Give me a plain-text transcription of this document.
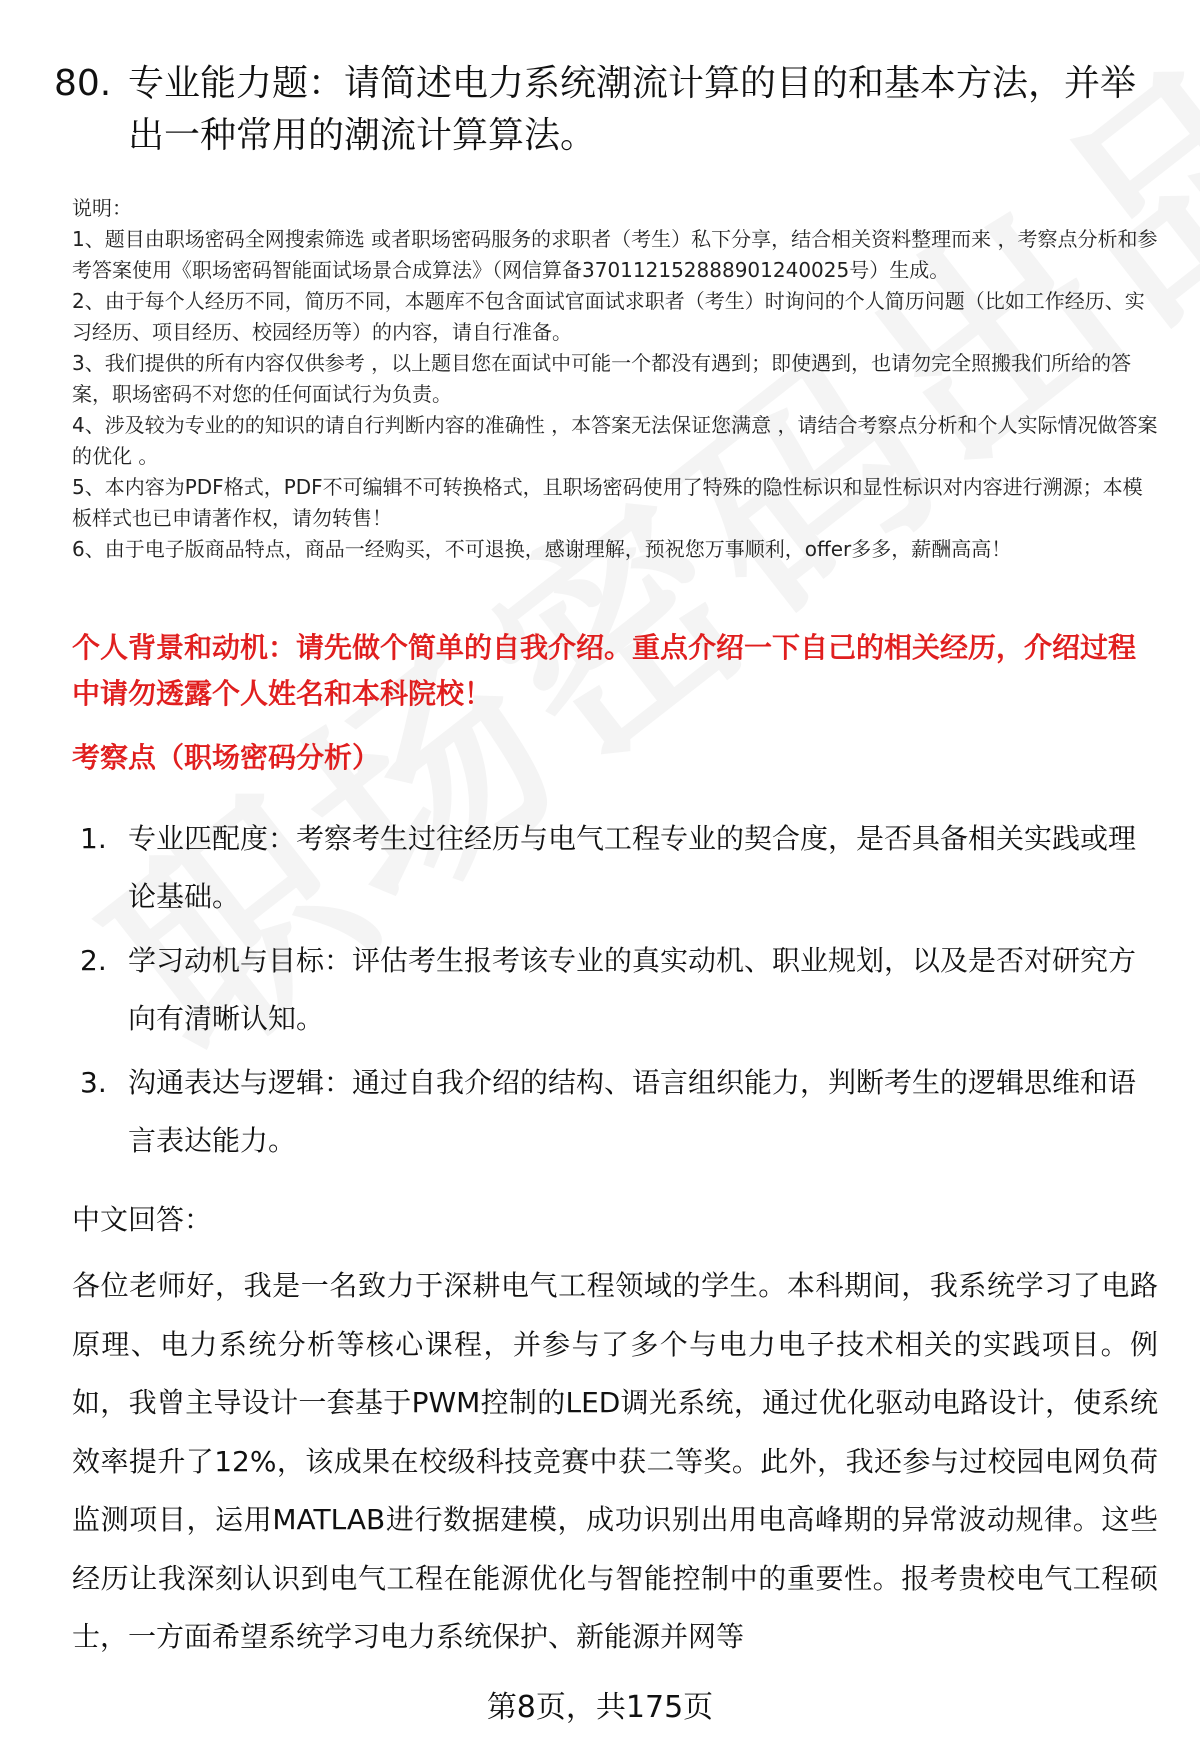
80. 专业能力题：请简述电力系统潮流计算的目的和基本方法，并举出一种常用的潮流计算算法。

说明：

1、题目由职场密码全网搜索筛选 或者职场密码服务的求职者（考生）私下分享，结合相关资料整理而来 ，考察点分析和参考答案使用《职场密码智能面试场景合成算法》（网信算备370112152888901240025号）生成。

2、由于每个人经历不同，简历不同，本题库不包含面试官面试求职者（考生）时询问的个人简历问题（比如工作经历、实习经历、项目经历、校园经历等）的内容，请自行准备。

3、我们提供的所有内容仅供参考 ，以上题目您在面试中可能一个都没有遇到；即使遇到，也请勿完全照搬我们所给的答案，职场密码不对您的任何面试行为负责。

4、涉及较为专业的的知识的请自行判断内容的准确性 ，本答案无法保证您满意 ，请结合考察点分析和个人实际情况做答案的优化 。

5、本内容为PDF格式，PDF不可编辑不可转换格式，且职场密码使用了特殊的隐性标识和显性标识对内容进行溯源；本模板样式也已申请著作权，请勿转售！

6、由于电子版商品特点，商品一经购买，不可退换，感谢理解，预祝您万事顺利，offer多多，薪酬高高！

个人背景和动机：请先做个简单的自我介绍。重点介绍一下自己的相关经历，介绍过程中请勿透露个人姓名和本科院校！
考察点（职场密码分析）
1. 专业匹配度：考察考生过往经历与电气工程专业的契合度，是否具备相关实践或理论基础。
2. 学习动机与目标：评估考生报考该专业的真实动机、职业规划，以及是否对研究方向有清晰认知。
3. 沟通表达与逻辑：通过自我介绍的结构、语言组织能力，判断考生的逻辑思维和语言表达能力。
中文回答：
各位老师好，我是一名致力于深耕电气工程领域的学生。本科期间，我系统学习了电路原理、电力系统分析等核心课程，并参与了多个与电力电子技术相关的实践项目。例如，我曾主导设计一套基于PWM控制的LED调光系统，通过优化驱动电路设计，使系统效率提升了12%，该成果在校级科技竞赛中获二等奖。此外，我还参与过校园电网负荷监测项目，运用MATLAB进行数据建模，成功识别出用电高峰期的异常波动规律。这些经历让我深刻认识到电气工程在能源优化与智能控制中的重要性。报考贵校电气工程硕士，一方面希望系统学习电力系统保护、新能源并网等
第8页，共175页
